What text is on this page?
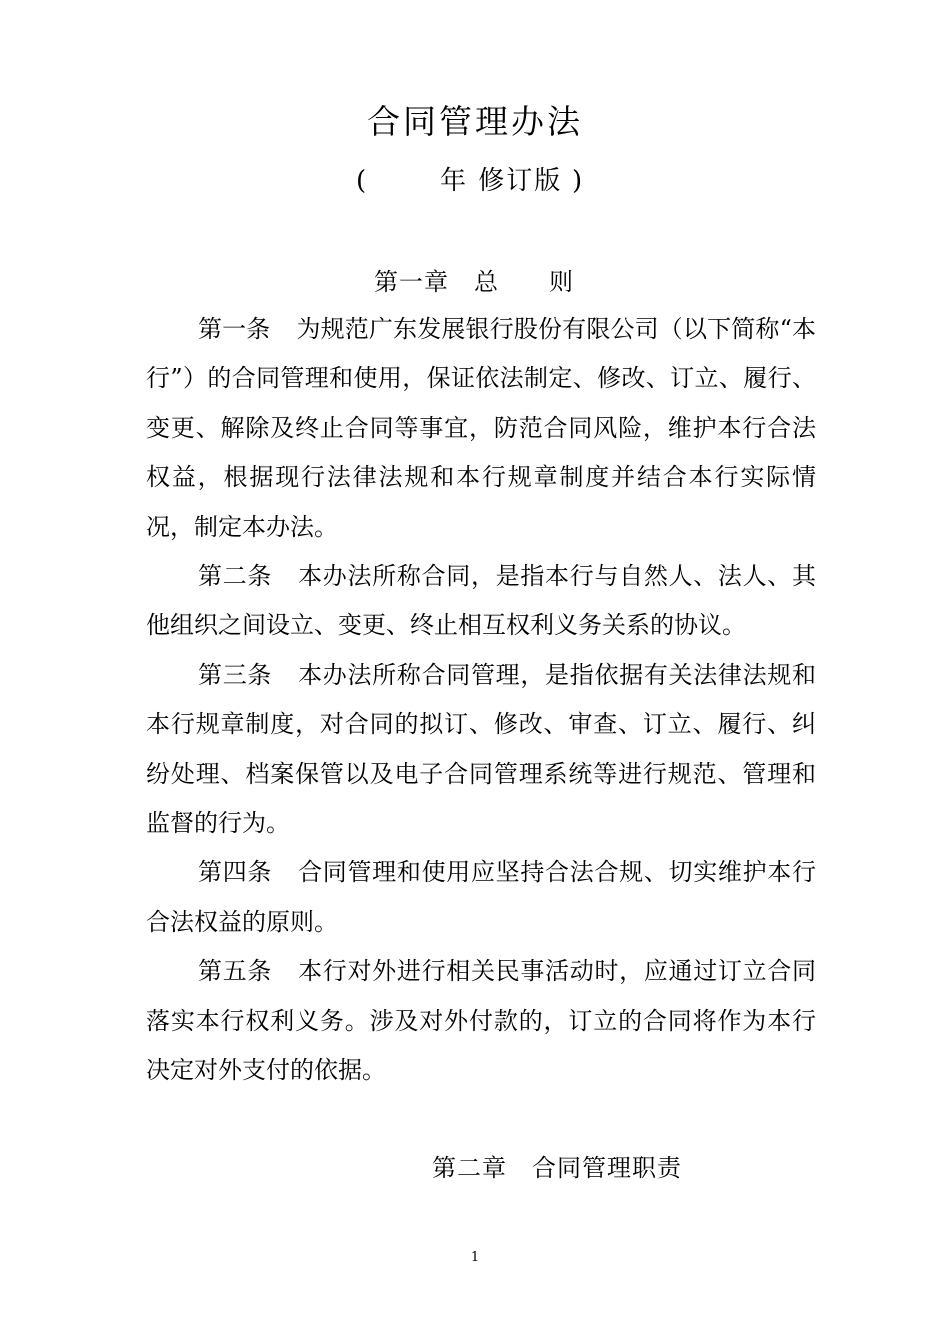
合同管理办法
(	年 修订版 )
第一章　总　　则

第一条 为规范广东发展银行股份有限公司（以下简称“本行”）的合同管理和使用，保证依法制定、修改、订立、履行、变更、解除及终止合同等事宜，防范合同风险，维护本行合法权益，根据现行法律法规和本行规章制度并结合本行实际情况，制定本办法。

第二条 本办法所称合同，是指本行与自然人、法人、其他组织之间设立、变更、终止相互权利义务关系的协议。

第三条 本办法所称合同管理，是指依据有关法律法规和本行规章制度，对合同的拟订、修改、审查、订立、履行、纠纷处理、档案保管以及电子合同管理系统等进行规范、管理和监督的行为。

第四条 合同管理和使用应坚持合法合规、切实维护本行合法权益的原则。

第五条 本行对外进行相关民事活动时，应通过订立合同落实本行权利义务。涉及对外付款的，订立的合同将作为本行决定对外支付的依据。

第二章　合同管理职责
1
